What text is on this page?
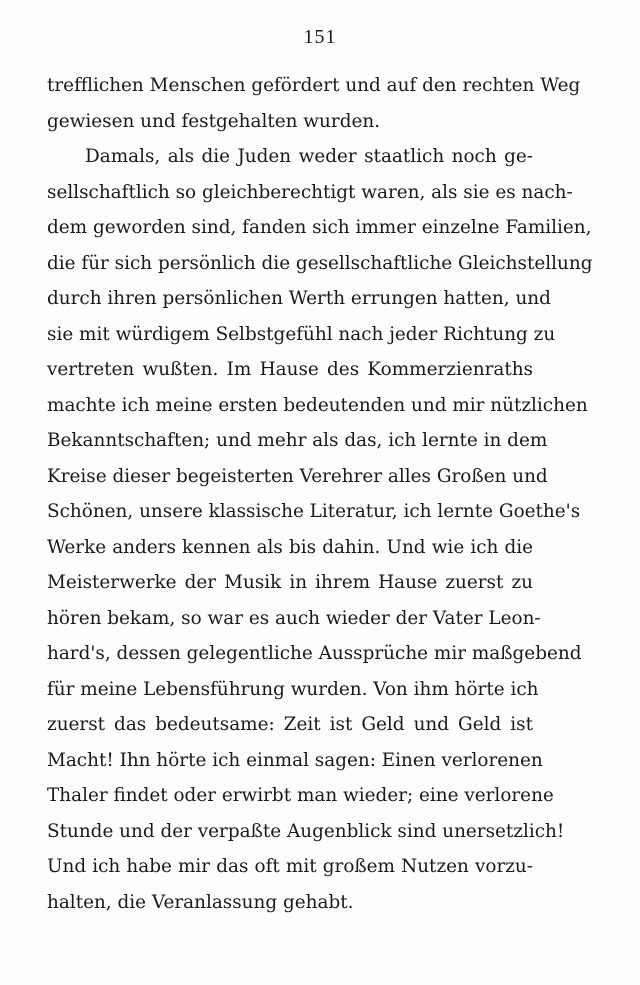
151
trefflichen Menschen gefördert und auf den rechten Weg
gewiesen und festgehalten wurden.
Damals, als die Juden weder staatlich noch ge-
sellschaftlich so gleichberechtigt waren, als sie es nach-
dem geworden sind, fanden sich immer einzelne Familien,
die für sich persönlich die gesellschaftliche Gleichstellung
durch ihren persönlichen Werth errungen hatten, und
sie mit würdigem Selbstgefühl nach jeder Richtung zu
vertreten wußten. Im Hause des Kommerzienraths
machte ich meine ersten bedeutenden und mir nützlichen
Bekanntschaften; und mehr als das, ich lernte in dem
Kreise dieser begeisterten Verehrer alles Großen und
Schönen, unsere klassische Literatur, ich lernte Goethe's
Werke anders kennen als bis dahin. Und wie ich die
Meisterwerke der Musik in ihrem Hause zuerst zu
hören bekam, so war es auch wieder der Vater Leon-
hard's, dessen gelegentliche Aussprüche mir maßgebend
für meine Lebensführung wurden. Von ihm hörte ich
zuerst das bedeutsame: Zeit ist Geld und Geld ist
Macht! Ihn hörte ich einmal sagen: Einen verlorenen
Thaler findet oder erwirbt man wieder; eine verlorene
Stunde und der verpaßte Augenblick sind unersetzlich!
Und ich habe mir das oft mit großem Nutzen vorzu-
halten, die Veranlassung gehabt.
